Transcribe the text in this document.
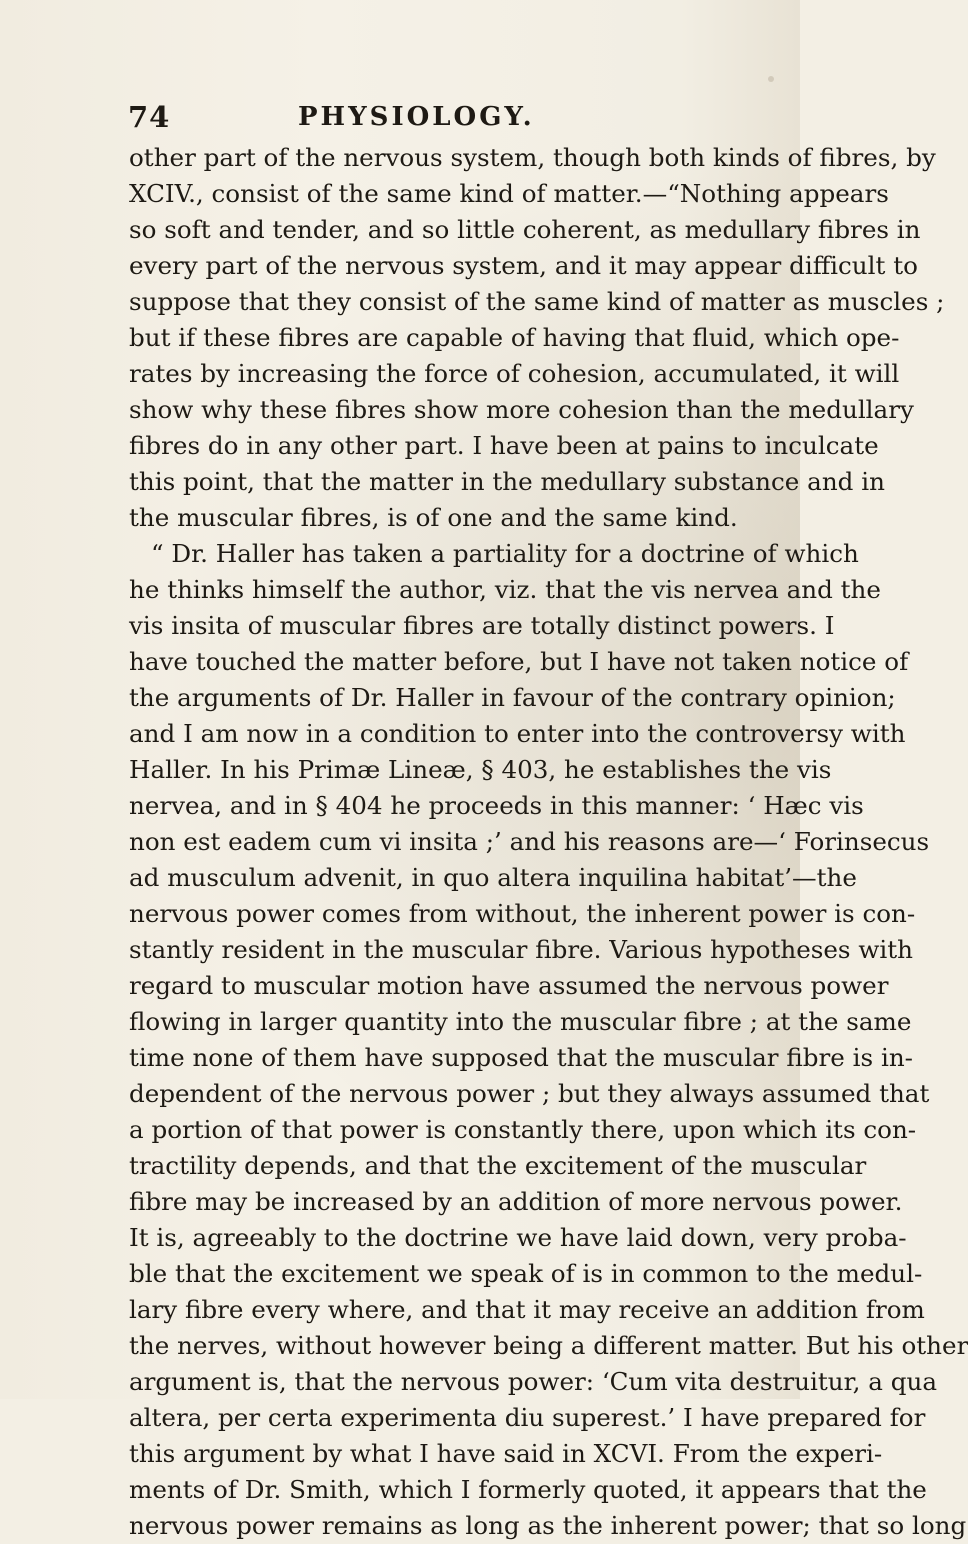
74	PHYSIOLOGY.
other part of the nervous system, though both kinds of fibres, by
XCIV., consist of the same kind of matter.—“Nothing appears
so soft and tender, and so little coherent, as medullary fibres in
every part of the nervous system, and it may appear difficult to
suppose that they consist of the same kind of matter as muscles ;
but if these fibres are capable of having that fluid, which ope-
rates by increasing the force of cohesion, accumulated, it will
show why these fibres show more cohesion than the medullary
fibres do in any other part. I have been at pains to inculcate
this point, that the matter in the medullary substance and in
the muscular fibres, is of one and the same kind.
“ Dr. Haller has taken a partiality for a doctrine of which
he thinks himself the author, viz. that the vis nervea and the
vis insita of muscular fibres are totally distinct powers. I
have touched the matter before, but I have not taken notice of
the arguments of Dr. Haller in favour of the contrary opinion;
and I am now in a condition to enter into the controversy with
Haller. In his Primæ Lineæ, § 403, he establishes the vis
nervea, and in § 404 he proceeds in this manner: ‘ Hæc vis
non est eadem cum vi insita ;’ and his reasons are—‘ Forinsecus
ad musculum advenit, in quo altera inquilina habitat’—the
nervous power comes from without, the inherent power is con-
stantly resident in the muscular fibre. Various hypotheses with
regard to muscular motion have assumed the nervous power
flowing in larger quantity into the muscular fibre ; at the same
time none of them have supposed that the muscular fibre is in-
dependent of the nervous power ; but they always assumed that
a portion of that power is constantly there, upon which its con-
tractility depends, and that the excitement of the muscular
fibre may be increased by an addition of more nervous power.
It is, agreeably to the doctrine we have laid down, very proba-
ble that the excitement we speak of is in common to the medul-
lary fibre every where, and that it may receive an addition from
the nerves, without however being a different matter. But his other
argument is, that the nervous power: ‘Cum vita destruitur, a qua
altera, per certa experimenta diu superest.’ I have prepared for
this argument by what I have said in XCVI. From the experi-
ments of Dr. Smith, which I formerly quoted, it appears that the
nervous power remains as long as the inherent power; that so long
